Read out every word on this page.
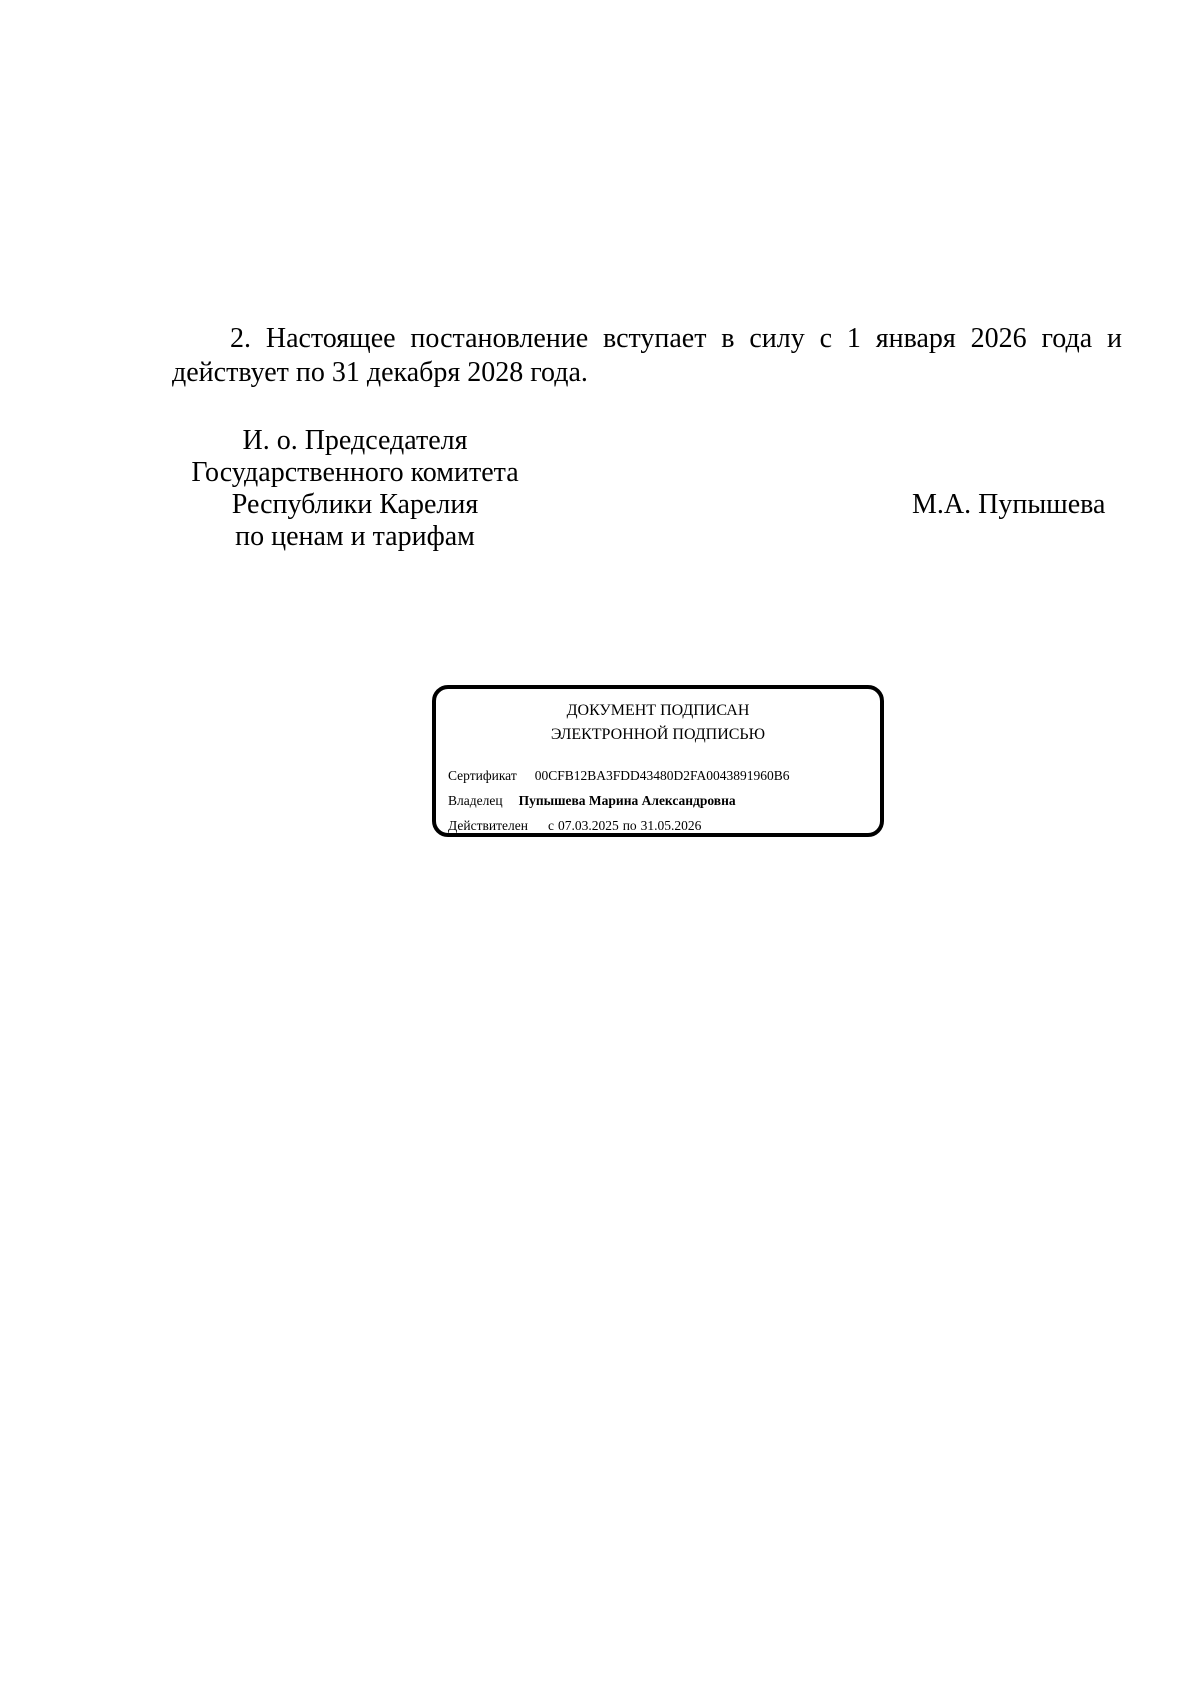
2. Настоящее постановление вступает в силу с 1 января 2026 года и
действует по 31 декабря 2028 года.
И. о. Председателя
Государственного комитета
Республики Карелия
по ценам и тарифам
М.А. Пупышева
ДОКУМЕНТ ПОДПИСАН
ЭЛЕКТРОННОЙ ПОДПИСЬЮ
Сертификат 00CFB12BA3FDD43480D2FA0043891960B6
Владелец Пупышева Марина Александровна
Действителен с 07.03.2025 по 31.05.2026
